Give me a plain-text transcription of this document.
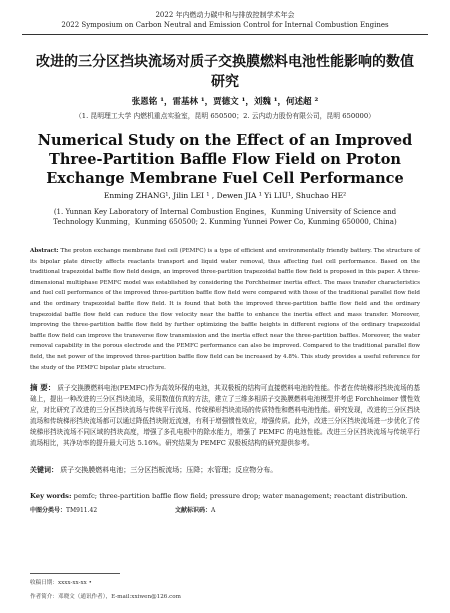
2022 年内燃动力碳中和与排放控制学术年会
2022 Symposium on Carbon Neutral and Emission Control for Internal Combustion Engines
改进的三分区挡块流场对质子交换膜燃料电池性能影响的数值研究
张恩铭 ¹，雷基林 ¹，贾德文 ¹，刘魏 ¹，何述超 ²
（1. 昆明理工大学 内燃机重点实验室，昆明 650500；2. 云内动力股份有限公司，昆明 650000）
Numerical Study on the Effect of an Improved Three-Partition Baffle Flow Field on Proton Exchange Membrane Fuel Cell Performance
Enming ZHANG¹, Jilin LEI ¹ , Dewen JIA ¹ Yi LIU¹, Shuchao HE²
(1. Yunnan Key Laboratory of Internal Combustion Engines，Kunming University of Science and Technology Kunming，Kunming 650500; 2. Kunming Yunnei Power Co, Kunming 650000, China)
Abstract: The proton exchange membrane fuel cell (PEMFC) is a type of efficient and environmentally friendly battery. The structure of its bipolar plate directly affects reactants transport and liquid water removal, thus affecting fuel cell performance. Based on the traditional trapezoidal baffle flow field design, an improved three-partition trapezoidal baffle flow field is proposed in this paper. A three-dimensional multiphase PEMFC model was established by considering the Forchheimer inertia effect. The mass transfer characteristics and fuel cell performance of the improved three-partition baffle flow field were compared with those of the traditional parallel flow field and the ordinary trapezoidal baffle flow field. It is found that both the improved three-partition baffle flow field and the ordinary trapezoidal baffle flow field can reduce the flow velocity near the baffle to enhance the inertia effect and mass transfer. Moreover, improving the three-partition baffle flow field by further optimizing the baffle heights in different regions of the ordinary trapezoidal baffle flow field can improve the transverse flow transmission and the inertia effect near the three-partition baffles. Moreover, the water removal capability in the porous electrode and the PEMFC performance can also be improved. Compared to the traditional parallel flow field, the net power of the improved three-partition baffle flow field can be increased by 4.8%. This study provides a useful reference for the study of the PEMFC bipolar plate structure.
摘 要： 质子交换膜燃料电池(PEMFC)作为高效环保的电池，其双极板的结构可直接燃料电池的性能。作者在传统梯形挡块流场的基础上，提出一种改进的三分区挡块流场，采用数值仿真的方法，建立了三维多相质子交换膜燃料电池模型并考虑 Forchheimer 惯性效应，对比研究了改进的三分区挡块流场与传统平行流场、传统梯形挡块流场的传质特性和燃料电池性能。研究发现，改进的三分区挡块流场和传统梯形挡块流场都可以通过降低挡块附近流速，有利于增强惯性效应，增强传质。此外，改进三分区挡块流场进一步优化了传统梯形挡块流场不同区域的挡块高度，增强了多孔电极中的除水能力，增强了 PEMFC 的电池性能。改进三分区挡块流场与传统平行流场相比，其净功率的提升最大可达 5.16%。研究结果为 PEMFC 双极板结构的研究提供参考。
关键词： 质子交换膜燃料电池；三分区挡板流场；压降；水管理；反应物分布。
Key words: pemfc; three-partition baffle flow field; pressure drop; water management; reactant distribution.
中图分类号：TM911.42	文献标识码：A
收稿日期：xxxx-xx-xx •
作者简介：邓晓文（通讯作者），E-mail:xxiwen@126.com
